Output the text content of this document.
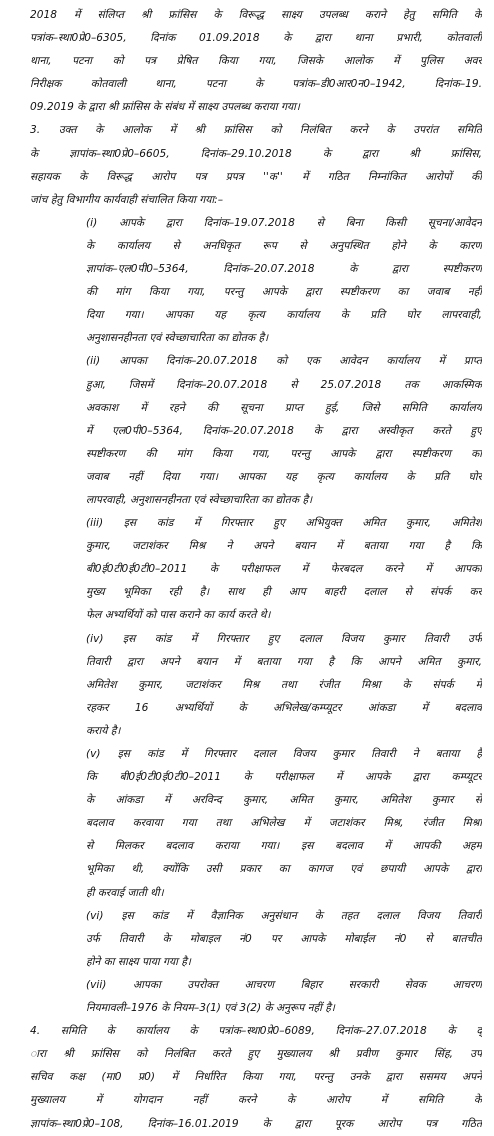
2018 में संलिप्त श्री फ्रांसिस के विरूद्ध साक्ष्य उपलब्ध कराने हेतु समिति के
पत्रांक–स्था0प्रे0–6305, दिनांक 01.09.2018 के द्वारा थाना प्रभारी, कोतवाली
थाना, पटना को पत्र प्रेषित किया गया, जिसके आलोक में पुलिस अवर
निरीक्षक कोतवाली थाना, पटना के पत्रांक–डी0आर0न0–1942, दिनांक–19.
09.2019 के द्वारा श्री फ्रांसिस के संबंध में साक्ष्य उपलब्ध कराया गया।
3. उक्त के आलोक में श्री फ्रांसिस को निलंबित करने के उपरांत समिति
के ज्ञापांक–स्था0प्रे0–6605, दिनांक–29.10.2018 के द्वारा श्री फ्रांसिस,
सहायक के विरूद्ध आरोप पत्र प्रपत्र ''क'' में गठित निम्नांकित आरोपों की
जांच हेतु विभागीय कार्यवाही संचालित किया गया:–
(i) आपके द्वारा दिनांक–19.07.2018 से बिना किसी सूचना/आवेदन
के कार्यालय से अनधिकृत रूप से अनुपस्थित होने के कारण
ज्ञापांक–एल0पी0–5364, दिनांक–20.07.2018 के द्वारा स्पष्टीकरण
की मांग किया गया, परन्तु आपके द्वारा स्पष्टीकरण का जवाब नहीं
दिया गया। आपका यह कृत्य कार्यालय के प्रति घोर लापरवाही,
अनुशासनहीनता एवं स्वेच्छाचारिता का द्योतक है।
(ii) आपका दिनांक–20.07.2018 को एक आवेदन कार्यालय में प्राप्त
हुआ, जिसमें दिनांक–20.07.2018 से 25.07.2018 तक आकस्मिक
अवकाश में रहने की सूचना प्राप्त हुई, जिसे समिति कार्यालय
में एल0पी0–5364, दिनांक–20.07.2018 के द्वारा अस्वीकृत करते हुए
स्पष्टीकरण की मांग किया गया, परन्तु आपके द्वारा स्पष्टीकरण का
जवाब नहीं दिया गया। आपका यह कृत्य कार्यालय के प्रति घोर
लापरवाही, अनुशासनहीनता एवं स्वेच्छाचारिता का द्योतक है।
(iii) इस कांड में गिरफ्तार हुए अभियुक्त अमित कुमार, अमितेश
कुमार, जटाशंकर मिश्र ने अपने बयान में बताया गया है कि
बी0ई0टी0ई0टी0–2011 के परीक्षाफल में फेरबदल करने में आपका
मुख्य भूमिका रही है। साथ ही आप बाहरी दलाल से संपर्क कर
फेल अभ्यर्थियों को पास कराने का कार्य करते थे।
(iv) इस कांड में गिरफ्तार हुए दलाल विजय कुमार तिवारी उर्फ
तिवारी द्वारा अपने बयान में बताया गया है कि आपने अमित कुमार,
अमितेश कुमार, जटाशंकर मिश्र तथा रंजीत मिश्रा के संपर्क में
रहकर 16 अभ्यर्थियों के अभिलेख/कम्प्यूटर आंकडा में बदलाव
कराये है।
(v) इस कांड में गिरफ्तार दलाल विजय कुमार तिवारी ने बताया है
कि बी0ई0टी0ई0टी0–2011 के परीक्षाफल में आपके द्वारा कम्प्यूटर
के आंकडा में अरविन्द कुमार, अमित कुमार, अमितेश कुमार से
बदलाव करवाया गया तथा अभिलेख में जटाशंकर मिश्र, रंजीत मिश्रा
से मिलकर बदलाव कराया गया। इस बदलाव में आपकी अहम
भूमिका थी, क्योंकि उसी प्रकार का कागज एवं छपायी आपके द्वारा
ही करवाई जाती थी।
(vi) इस कांड में वैज्ञानिक अनुसंधान के तहत दलाल विजय तिवारी
उर्फ तिवारी के मोबाइल नं0 पर आपके मोबाईल नं0 से बातचीत
होने का साक्ष्य पाया गया है।
(vii) आपका उपरोक्त आचरण बिहार सरकारी सेवक आचरण
नियमावली–1976 के नियम–3(1) एवं 3(2) के अनुरूप नहीं है।
4. समिति के कार्यालय के पत्रांक–स्था0प्रे0–6089, दिनांक–27.07.2018 के द्
ारा श्री फ्रांसिस को निलंबित करते हुए मुख्यालय श्री प्रवीण कुमार सिंह, उप
सचिव कक्ष (मा0 प्र0) में निर्धारित किया गया, परन्तु उनके द्वारा ससमय अपने
मुख्यालय में योगदान नहीं करने के आरोप में समिति के
ज्ञापांक–स्था0प्रे0–108, दिनांक–16.01.2019 के द्वारा पूरक आरोप पत्र गठित
